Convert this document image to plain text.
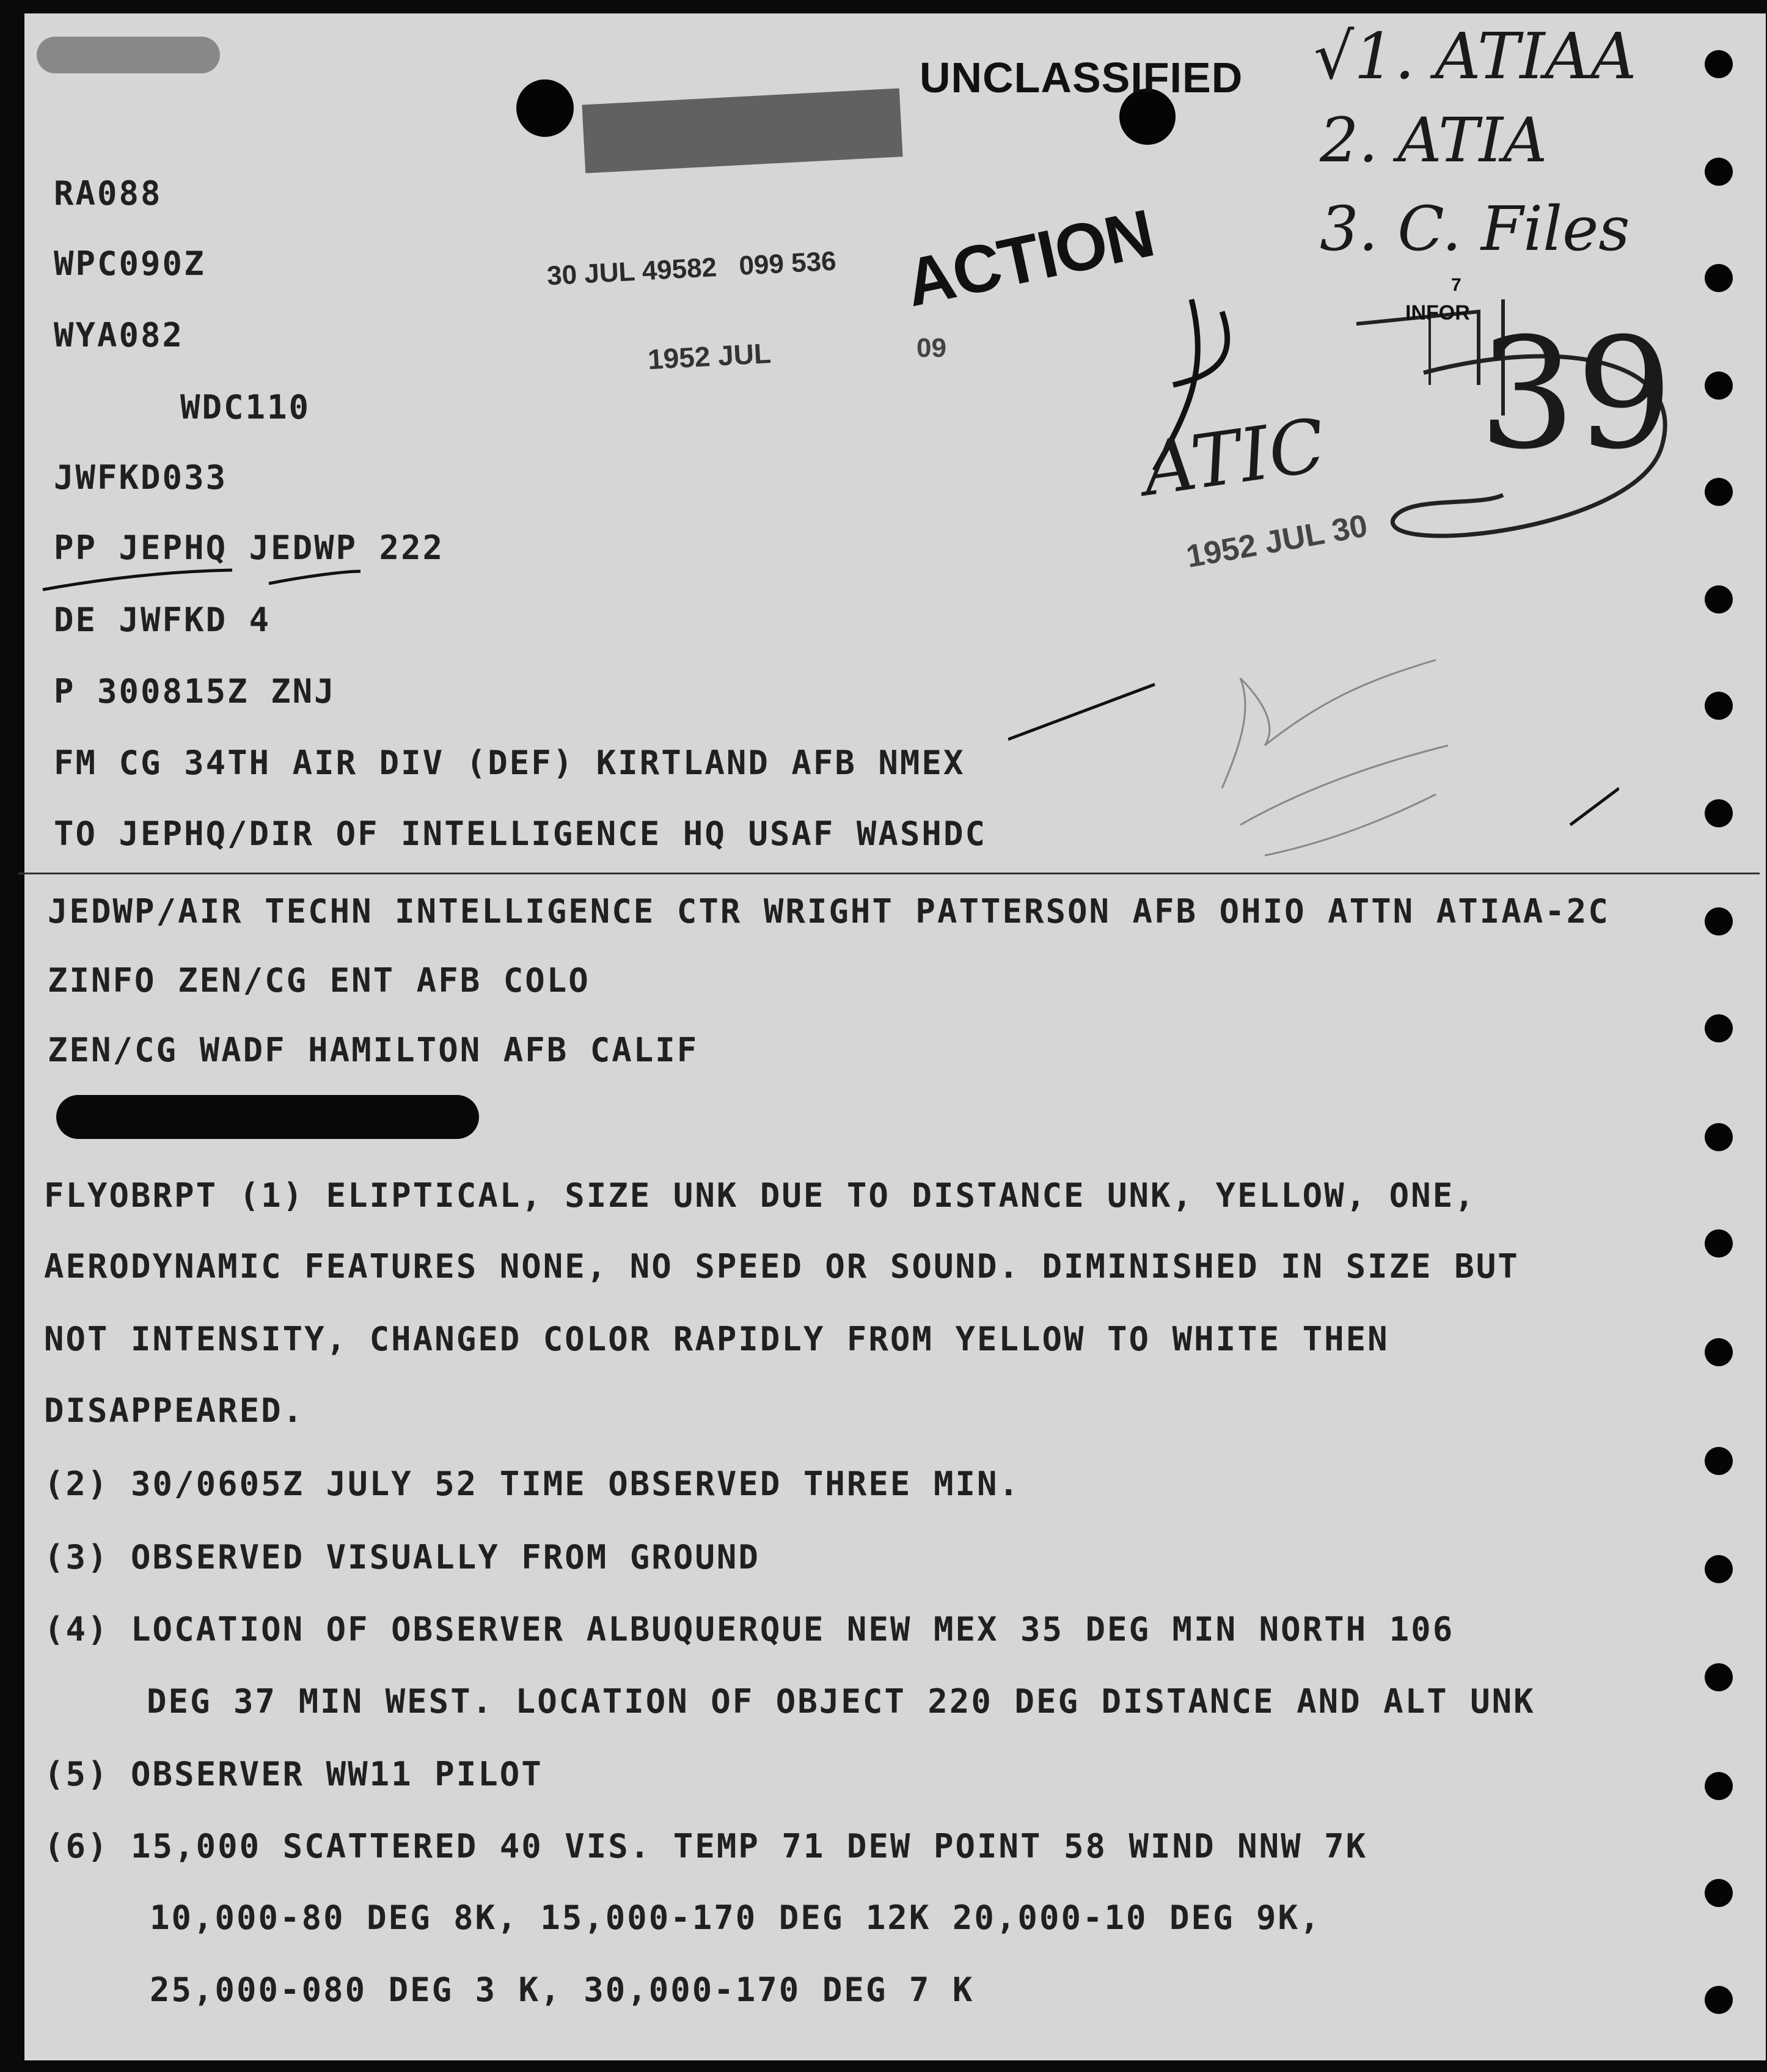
UNCLASSIFIED
30 JUL 49582   099 536 ACTION
1952 JUL	09
√1. ATIAA
2. ATIA
3. C. Files
7
INFOR
ATIC 39
1952 JUL 30
RA088
WPC090Z
WYA082
WDC110
JWFKD033
PP JEPHQ JEDWP 222
DE JWFKD 4
P 300815Z ZNJ
FM CG 34TH AIR DIV (DEF) KIRTLAND AFB NMEX
TO JEPHQ/DIR OF INTELLIGENCE HQ USAF WASHDC
JEDWP/AIR TECHN INTELLIGENCE CTR WRIGHT PATTERSON AFB OHIO ATTN ATIAA-2C
ZINFO ZEN/CG ENT AFB COLO
ZEN/CG WADF HAMILTON AFB CALIF
FLYOBRPT (1) ELIPTICAL, SIZE UNK DUE TO DISTANCE UNK, YELLOW, ONE,
AERODYNAMIC FEATURES NONE, NO SPEED OR SOUND. DIMINISHED IN SIZE BUT
NOT INTENSITY, CHANGED COLOR RAPIDLY FROM YELLOW TO WHITE THEN
DISAPPEARED.
(2) 30/0605Z JULY 52 TIME OBSERVED THREE MIN.
(3) OBSERVED VISUALLY FROM GROUND
(4) LOCATION OF OBSERVER ALBUQUERQUE NEW MEX 35 DEG MIN NORTH 106
DEG 37 MIN WEST. LOCATION OF OBJECT 220 DEG DISTANCE AND ALT UNK
(5) OBSERVER WW11 PILOT
(6) 15,000 SCATTERED 40 VIS. TEMP 71 DEW POINT 58 WIND NNW 7K
10,000-80 DEG 8K, 15,000-170 DEG 12K 20,000-10 DEG 9K,
25,000-080 DEG 3 K, 30,000-170 DEG 7 K
